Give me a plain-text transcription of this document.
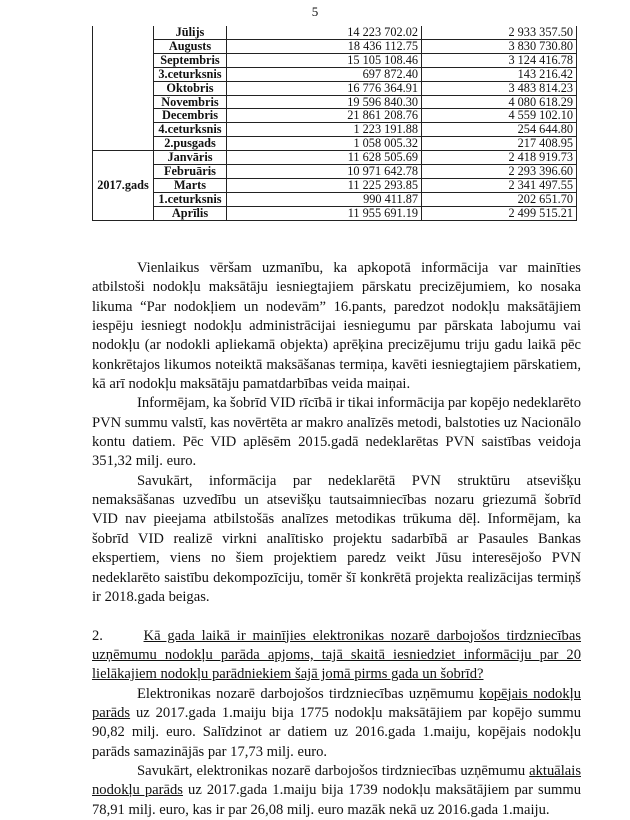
5
	Jūlijs	14 223 702.02	2 933 357.50
	Augusts	18 436 112.75	3 830 730.80
	Septembris	15 105 108.46	3 124 416.78
	3.ceturksnis	697 872.40	143 216.42
	Oktobris	16 776 364.91	3 483 814.23
	Novembris	19 596 840.30	4 080 618.29
	Decembris	21 861 208.76	4 559 102.10
	4.ceturksnis	1 223 191.88	254 644.80
	2.pusgads	1 058 005.32	217 408.95
2017.gads	Janvāris	11 628 505.69	2 418 919.73
	Februāris	10 971 642.78	2 293 396.60
	Marts	11 225 293.85	2 341 497.55
	1.ceturksnis	990 411.87	202 651.70
	Aprīlis	11 955 691.19	2 499 515.21
Vienlaikus vēršam uzmanību, ka apkopotā informācija var mainīties
atbilstoši nodokļu maksātāju iesniegtajiem pārskatu precizējumiem, ko nosaka
likuma “Par nodokļiem un nodevām” 16.pants, paredzot nodokļu maksātājiem
iespēju iesniegt nodokļu administrācijai iesniegumu par pārskata labojumu vai
nodokļu (ar nodokli apliekamā objekta) aprēķina precizējumu triju gadu laikā pēc
konkrētajos likumos noteiktā maksāšanas termiņa, kavēti iesniegtajiem pārskatiem,
kā arī nodokļu maksātāju pamatdarbības veida maiņai.
Informējam, ka šobrīd VID rīcībā ir tikai informācija par kopējo nedeklarēto
PVN summu valstī, kas novērtēta ar makro analīzēs metodi, balstoties uz Nacionālo
kontu datiem. Pēc VID aplēsēm 2015.gadā nedeklarētas PVN saistības veidoja
351,32 milj. euro.
Savukārt, informācija par nedeklarētā PVN struktūru atsevišķu
nemaksāšanas uzvedību un atsevišķu tautsaimniecības nozaru griezumā šobrīd
VID nav pieejama atbilstošās analīzes metodikas trūkuma dēļ. Informējam, ka
šobrīd VID realizē virkni analītisko projektu sadarbībā ar Pasaules Bankas
ekspertiem, viens no šiem projektiem paredz veikt Jūsu interesējošo PVN
nedeklarēto saistību dekompozīciju, tomēr šī konkrētā projekta realizācijas termiņš
ir 2018.gada beigas.
2.      Kā gada laikā ir mainījies elektronikas nozarē darbojošos tirdzniecības
uzņēmumu nodokļu parāda apjoms, tajā skaitā iesniedziet informāciju par 20
lielākajiem nodokļu parādniekiem šajā jomā pirms gada un šobrīd?
Elektronikas nozarē darbojošos tirdzniecības uzņēmumu kopējais nodokļu
parāds uz 2017.gada 1.maiju bija 1775 nodokļu maksātājiem par kopējo summu
90,82 milj. euro. Salīdzinot ar datiem uz 2016.gada 1.maiju, kopējais nodokļu
parāds samazinājās par 17,73 milj. euro.
Savukārt, elektronikas nozarē darbojošos tirdzniecības uzņēmumu aktuālais
nodokļu parāds uz 2017.gada 1.maiju bija 1739 nodokļu maksātājiem par summu
78,91 milj. euro, kas ir par 26,08 milj. euro mazāk nekā uz 2016.gada 1.maiju.
